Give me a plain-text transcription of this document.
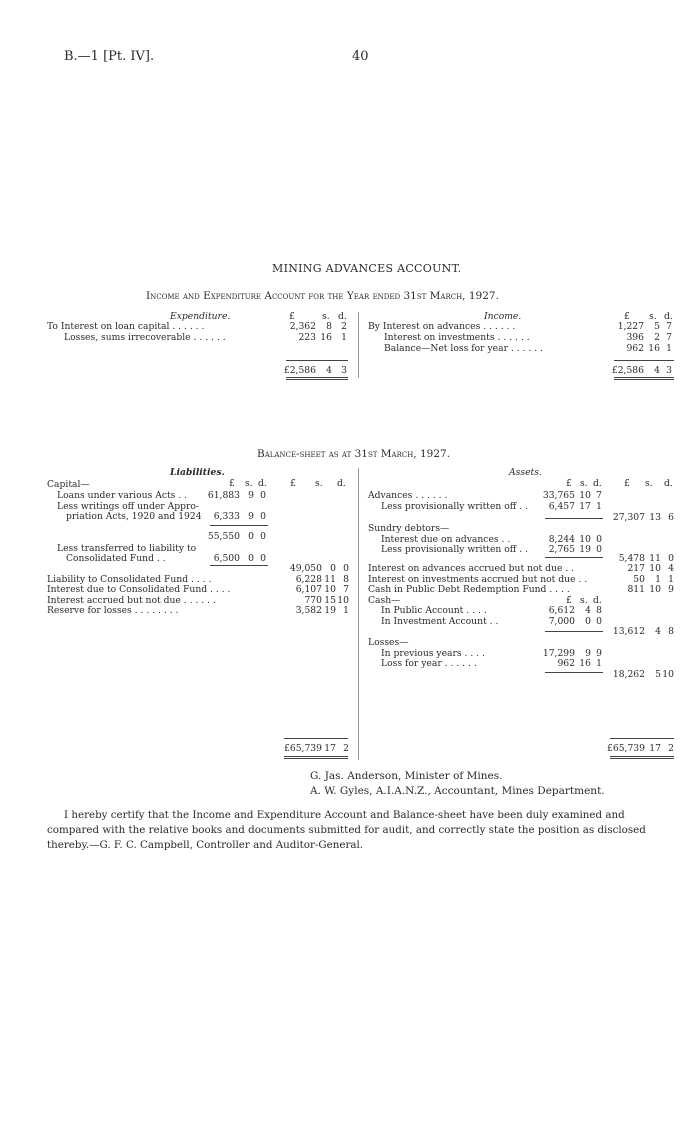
B.—1 [Pt. IV].	40
MINING ADVANCES ACCOUNT.
Income and Expenditure Account for the Year ended 31st March, 1927.
Expenditure.	£	s. d.	Income.	£ s. d.
To Interest on loan capital . . . . . .	2,362	8 2
Losses, sums irrecoverable . . . . . .	223 16 1
By Interest on advances . . . . . .	1,227	5 7
Interest on investments . . . . . .	396	2 7
Balance—Net loss for year . . . . . .	962 16 1
£2,586	4 3	£2,586	4 3
Balance-sheet as at 31st March, 1927.
Liabilities.	Assets.
£ s. d.	£ s. d.	£ s. d. £ s. d.
Capital—
Loans under various Acts . .	61,883 9 0
Less writings off under Appro-
priation Acts, 1920 and 1924	6,333 9 0
55,550 0 0
Less transferred to liability to
Consolidated Fund . .	6,500 0 0
49,050 0 0
Liability to Consolidated Fund . . . .	6,228 11 8
Interest due to Consolidated Fund . . . .	6,107 10 7
Interest accrued but not due . . . . . .	770 15 10
Reserve for losses . . . . . . . .	3,582 19 1
£65,739 17 2
Advances . . . . . .	33,765 10 7
Less provisionally written off . .	6,457 17 1
27,307 13 6
Sundry debtors—
Interest due on advances . .	8,244 10 0
Less provisionally written off . .	2,765 19 0
5,478 11 0
Interest on advances accrued but not due . .	217 10 4
Interest on investments accrued but not due . .	50	1 1
Cash in Public Debt Redemption Fund . . . .	811 10 9
Cash—	£ s. d.
In Public Account . . . .	6,612	4 8
In Investment Account . .	7,000	0 0
13,612	4 8
Losses—
In previous years . . . .	17,299	9 9
Loss for year . . . . . .	962 16 1
18,262	5 10
£65,739 17 2
G. Jas. Anderson, Minister of Mines.
A. W. Gyles, A.I.A.N.Z., Accountant, Mines Department.
I hereby certify that the Income and Expenditure Account and Balance-sheet have been duly examined and
compared with the relative books and documents submitted for audit, and correctly state the position as disclosed
thereby.—G. F. C. Campbell, Controller and Auditor-General.
